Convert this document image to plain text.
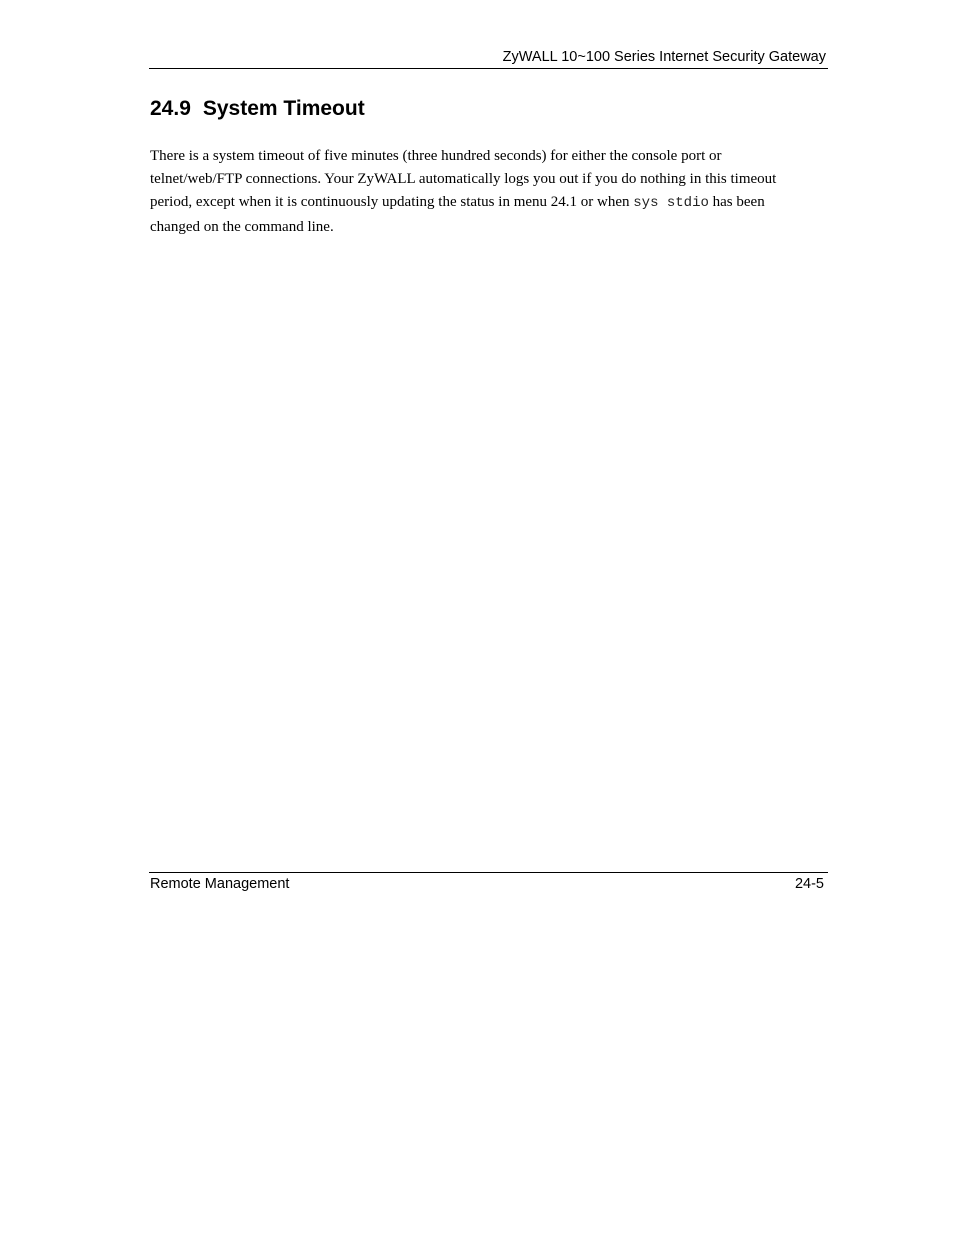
ZyWALL 10~100 Series Internet Security Gateway
24.9 System Timeout

There is a system timeout of five minutes (three hundred seconds) for either the console port or
telnet/web/FTP connections. Your ZyWALL automatically logs you out if you do nothing in this timeout
period, except when it is continuously updating the status in menu 24.1 or when sys stdio has been
changed on the command line.

Remote Management	24-5
